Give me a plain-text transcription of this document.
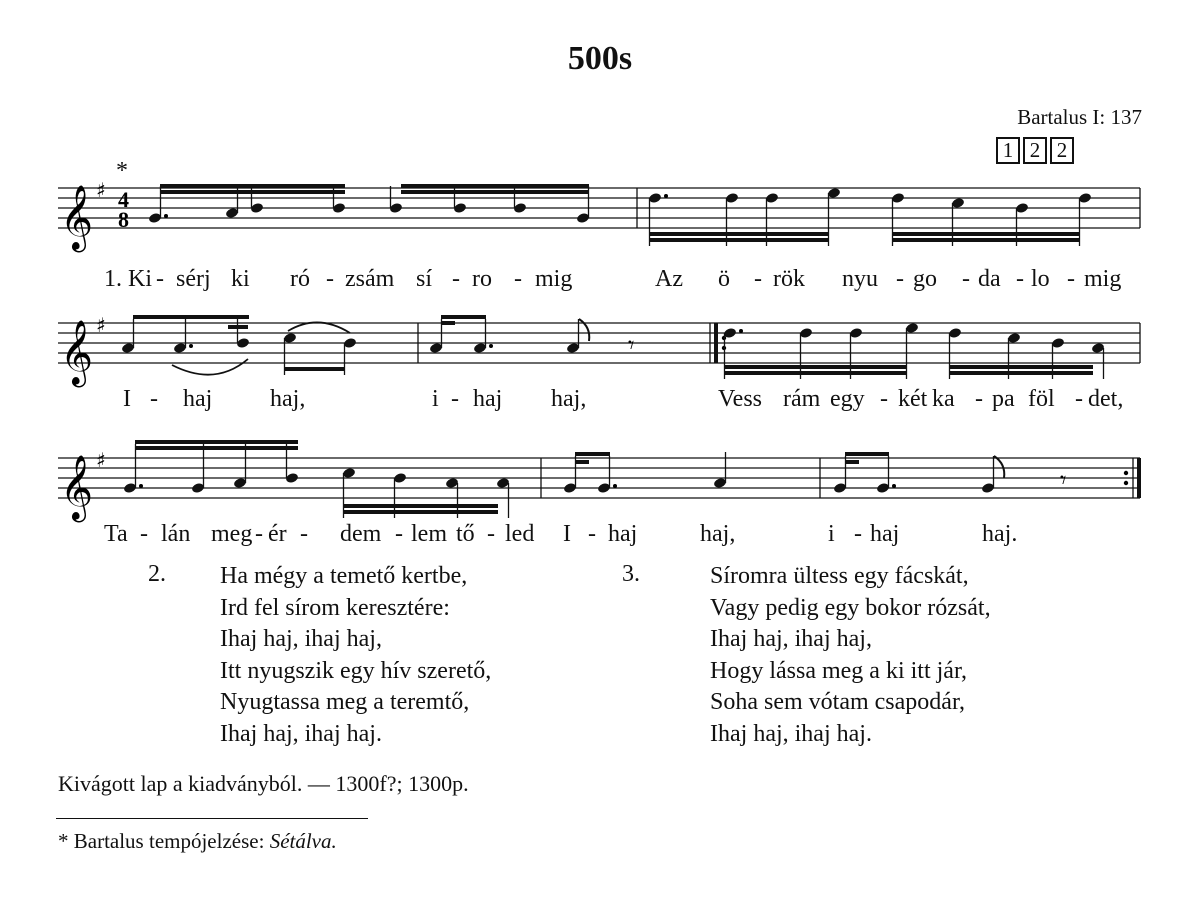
500s
Bartalus I: 137
1 2 2
*
𝄞 ♯ 4
8
𝄞 ♯
𝄾
𝄞 ♯
𝄾
1. Ki - sérj ki ró - zsám sí - ro - mig	Az ö - rök nyu - go - da - lo - mig
I - haj haj,	i - haj haj,	Vess rám egy - két ka - pa föl - det,
Ta - lán meg - ér - dem - lem tő - led I - haj	haj,	i - haj	haj.
2. Ha mégy a temető kertbe,
Ird fel sírom keresztére:
Ihaj haj, ihaj haj,
Itt nyugszik egy hív szerető,
Nyugtassa meg a teremtő,
Ihaj haj, ihaj haj.
3.	Síromra ültess egy fácskát,
Vagy pedig egy bokor rózsát,
Ihaj haj, ihaj haj,
Hogy lássa meg a ki itt jár,
Soha sem vótam csapodár,
Ihaj haj, ihaj haj.
Kivágott lap a kiadványból. — 1300f?; 1300p.
* Bartalus tempójelzése: Sétálva.
